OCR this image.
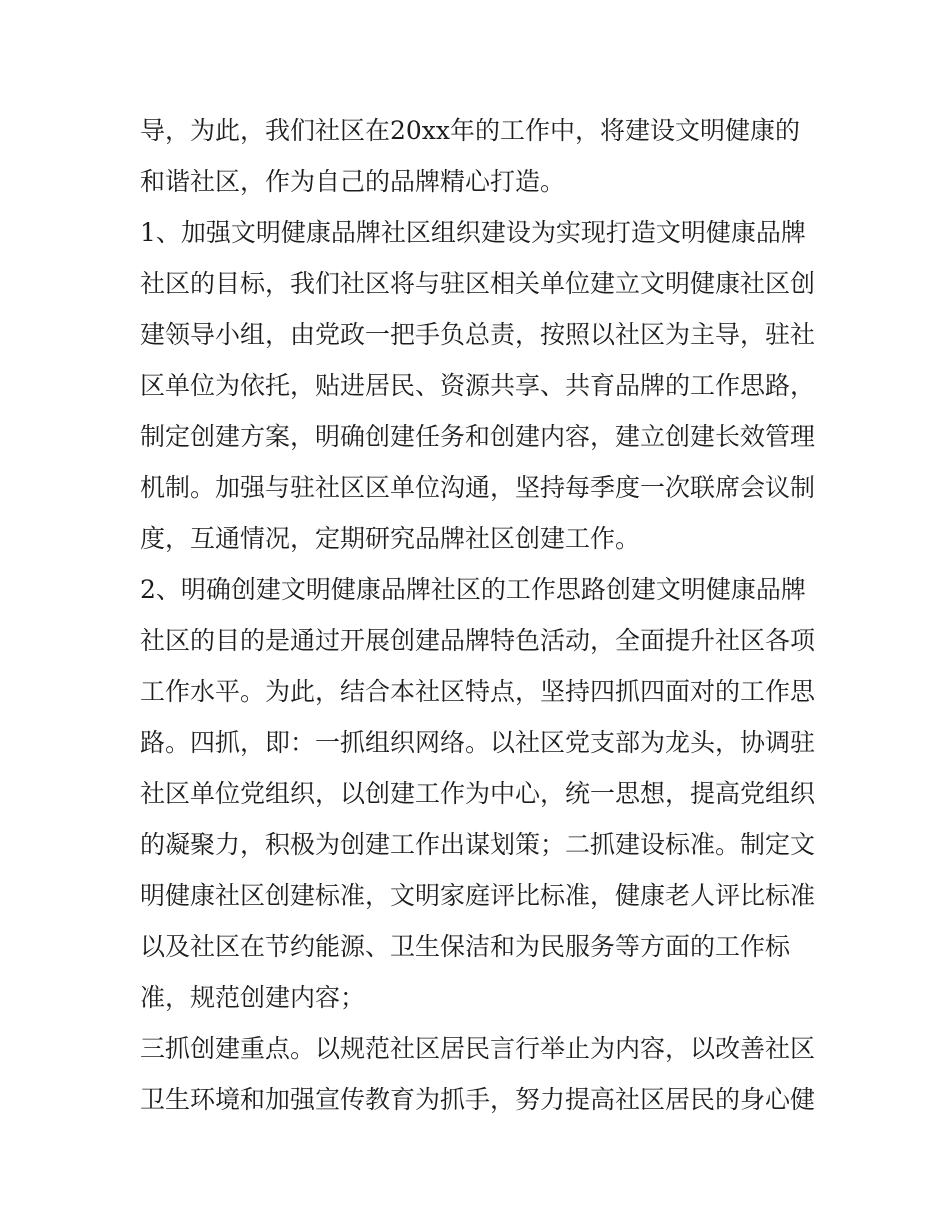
导，为此，我们社区在20xx年的工作中，将建设文明健康的
和谐社区，作为自己的品牌精心打造。
1、加强文明健康品牌社区组织建设为实现打造文明健康品牌
社区的目标，我们社区将与驻区相关单位建立文明健康社区创
建领导小组，由党政一把手负总责，按照以社区为主导，驻社
区单位为依托，贴进居民、资源共享、共育品牌的工作思路，
制定创建方案，明确创建任务和创建内容，建立创建长效管理
机制。加强与驻社区区单位沟通，坚持每季度一次联席会议制
度，互通情况，定期研究品牌社区创建工作。
2、明确创建文明健康品牌社区的工作思路创建文明健康品牌
社区的目的是通过开展创建品牌特色活动，全面提升社区各项
工作水平。为此，结合本社区特点，坚持四抓四面对的工作思
路。四抓，即：一抓组织网络。以社区党支部为龙头，协调驻
社区单位党组织，以创建工作为中心，统一思想，提高党组织
的凝聚力，积极为创建工作出谋划策；二抓建设标准。制定文
明健康社区创建标准，文明家庭评比标准，健康老人评比标准
以及社区在节约能源、卫生保洁和为民服务等方面的工作标
准，规范创建内容；
三抓创建重点。以规范社区居民言行举止为内容，以改善社区
卫生环境和加强宣传教育为抓手，努力提高社区居民的身心健
